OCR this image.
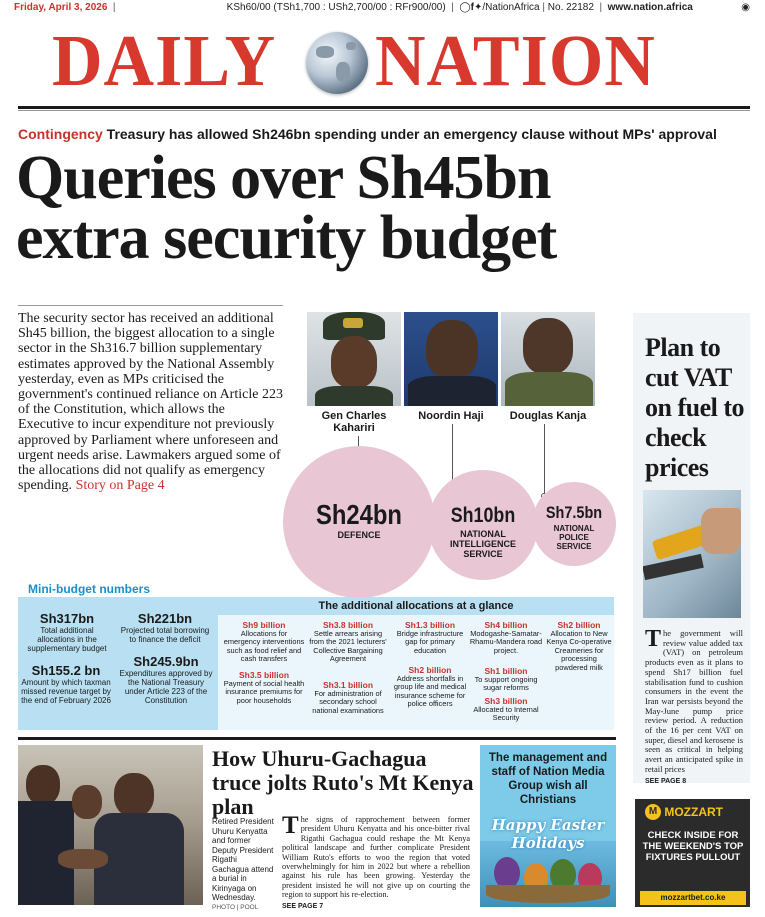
Friday, April 3, 2026  |                                        KSh60/00 (TSh1,700 : USh2,700/00 : RFr900/00)  |  ◯f✦/NationAfrica | No. 22182  |  www.nation.africa	◉
DAILY NATION
Contingency Treasury has allowed Sh246bn spending under an emergency clause without MPs' approval
Queries over Sh45bn
extra security budget
The security sector has received an additional Sh45 billion, the biggest allocation to a single sector in the Sh316.7 billion supplementary estimates approved by the National Assembly yesterday, even as MPs criticised the government's continued reliance on Article 223 of the Constitution, which allows the Executive to incur expenditure not previously approved by Parliament where unforeseen and urgent needs arise. Lawmakers argued some of the allocations did not qualify as emergency spending. Story on Page 4
Gen Charles Kahariri
Noordin Haji	Douglas Kanja
Sh24bn
DEFENCE
Sh10bn
NATIONAL INTELLIGENCE SERVICE
Sh7.5bn
NATIONAL POLICE SERVICE
Mini-budget numbers
The additional allocations at a glance
Sh317bn
Total additional allocations in the supplementary budget
Sh221bn
Projected total borrowing to finance the deficit
Sh155.2 bn
Amount by which taxman missed revenue target by the end of February 2026
Sh245.9bn
Expenditures approved by the National Treasury under Article 223 of the Constitution
Sh9 billion
Allocations for emergency interventions such as food relief and cash transfers
Sh3.5 billion
Payment of social health insurance premiums for poor households
Sh3.8 billion
Settle arrears arising from the 2021 lecturers' Collective Bargaining Agreement
Sh3.1 billion
For administration of secondary school national examinations
Sh1.3 billion
Bridge infrastructure gap for primary education
Sh2 billion
Address shortfalls in group life and medical insurance scheme for police officers
Sh4 billion
Modogashe-Samatar-Rhamu-Mandera road project.
Sh1 billion
To support ongoing sugar reforms
Sh3 billion
Allocated to Internal Security
Sh2 billion
Allocation to New Kenya Co-operative Creameries for processing powdered milk
Plan to cut VAT on fuel to check prices
The government will review value added tax (VAT) on petroleum products even as it plans to spend Sh17 billion fuel stabilisation fund to cushion consumers in the event the Iran war persists beyond the May-June pump price review period. A reduction of the 16 per cent VAT on super, diesel and kerosene is seen as critical in helping avert an anticipated spike in retail prices
SEE PAGE 8
How Uhuru-Gachagua truce jolts Ruto's Mt Kenya plan
Retired President Uhuru Kenyatta and former Deputy President Rigathi Gachagua attend a burial in Kirinyaga on Wednesday.
PHOTO | POOL
The signs of rapprochement between former president Uhuru Kenyatta and his once-bitter rival Rigathi Gachagua could reshape the Mt Kenya political landscape and further complicate President William Ruto's efforts to woo the region that voted overwhelmingly for him in 2022 but where a rebellion against his rule has been growing. Yesterday the president insisted he will not give up on courting the region to support his re-election.
SEE PAGE 7
The management and staff of Nation Media Group wish all Christians
Happy Easter
Holidays
M MOZZART
CHECK INSIDE FOR THE WEEKEND'S TOP FIXTURES PULLOUT
mozzartbet.co.ke
